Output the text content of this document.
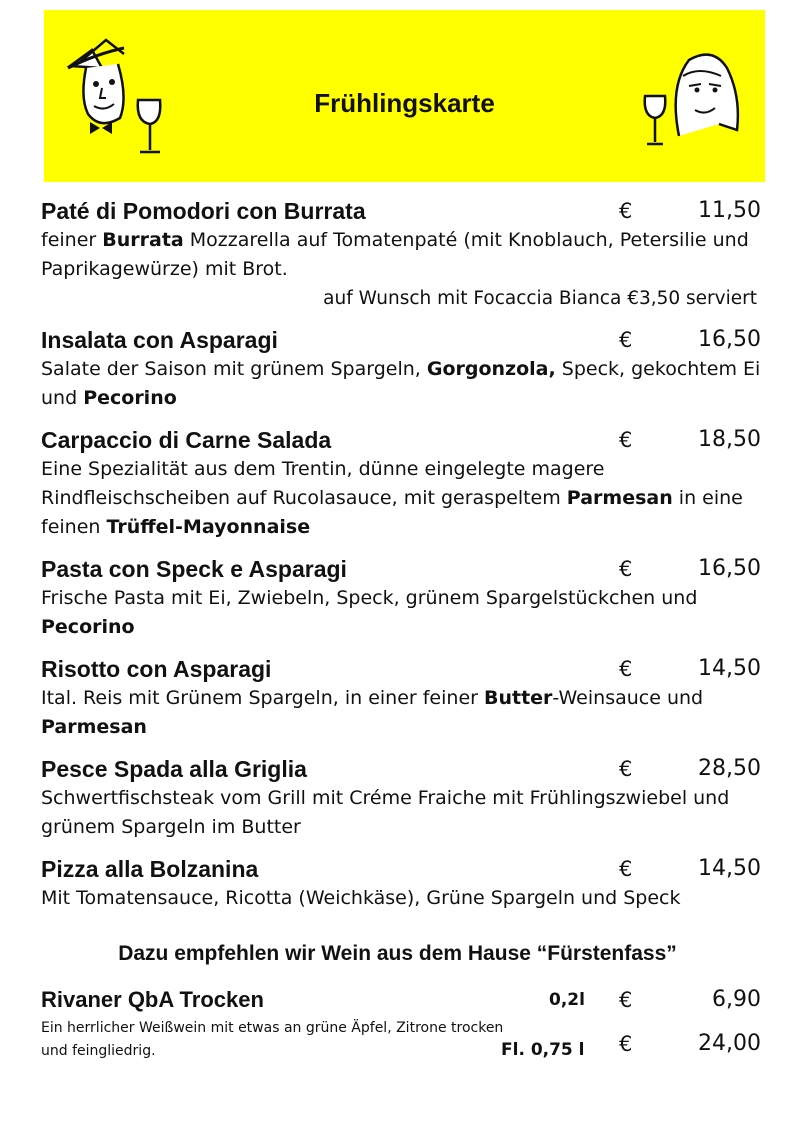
Frühlingskarte
Paté di Pomodori con Burrata	€	11,50
feiner Burrata Mozzarella auf Tomatenpaté (mit Knoblauch, Petersilie und Paprikagewürze) mit Brot.
auf Wunsch mit Focaccia Bianca €3,50 serviert
Insalata con Asparagi	€	16,50
Salate der Saison mit grünem Spargeln, Gorgonzola, Speck, gekochtem Ei und Pecorino
Carpaccio di Carne Salada	€	18,50
Eine Spezialität aus dem Trentin, dünne eingelegte magere Rindfleischscheiben auf Rucolasauce, mit geraspeltem Parmesan in eine feinen Trüffel-Mayonnaise
Pasta con Speck e Asparagi	€	16,50
Frische Pasta mit Ei, Zwiebeln, Speck, grünem Spargelstückchen und Pecorino
Risotto con Asparagi	€	14,50
Ital. Reis mit Grünem Spargeln, in einer feiner Butter-Weinsauce und Parmesan
Pesce Spada alla Griglia	€	28,50
Schwertfischsteak vom Grill mit Créme Fraiche mit Frühlingszwiebel und grünem Spargeln im Butter
Pizza alla Bolzanina	€	14,50
Mit Tomatensauce, Ricotta (Weichkäse), Grüne Spargeln und Speck
Dazu empfehlen wir Wein aus dem Hause “Fürstenfass”
Rivaner QbA Trocken	0,2l €	6,90
Ein herrlicher Weißwein mit etwas an grüne Äpfel, Zitrone trocken und feingliedrig.	Fl. 0,75 l €	24,00
